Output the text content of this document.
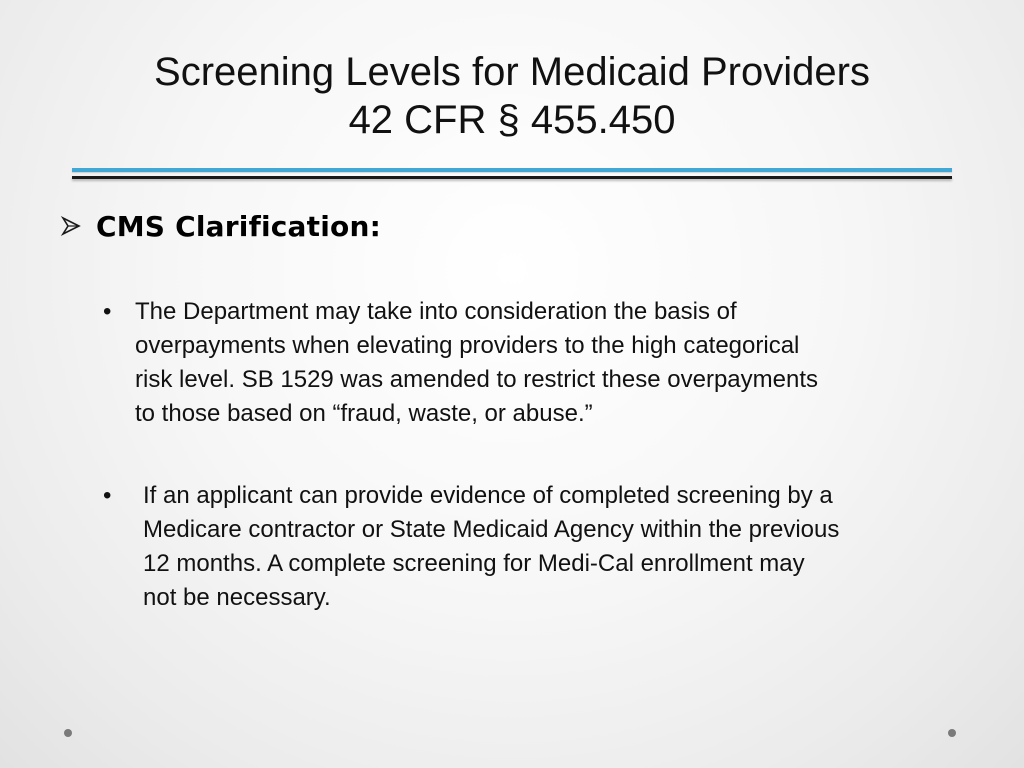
Screening Levels for Medicaid Providers
42 CFR § 455.450
CMS Clarification:
• The Department may take into consideration the basis of
overpayments when elevating providers to the high categorical
risk level. SB 1529 was amended to restrict these overpayments
to those based on “fraud, waste, or abuse.”

•	If an applicant can provide evidence of completed screening by a
Medicare contractor or State Medicaid Agency within the previous
12 months. A complete screening for Medi-Cal enrollment may
not be necessary.
